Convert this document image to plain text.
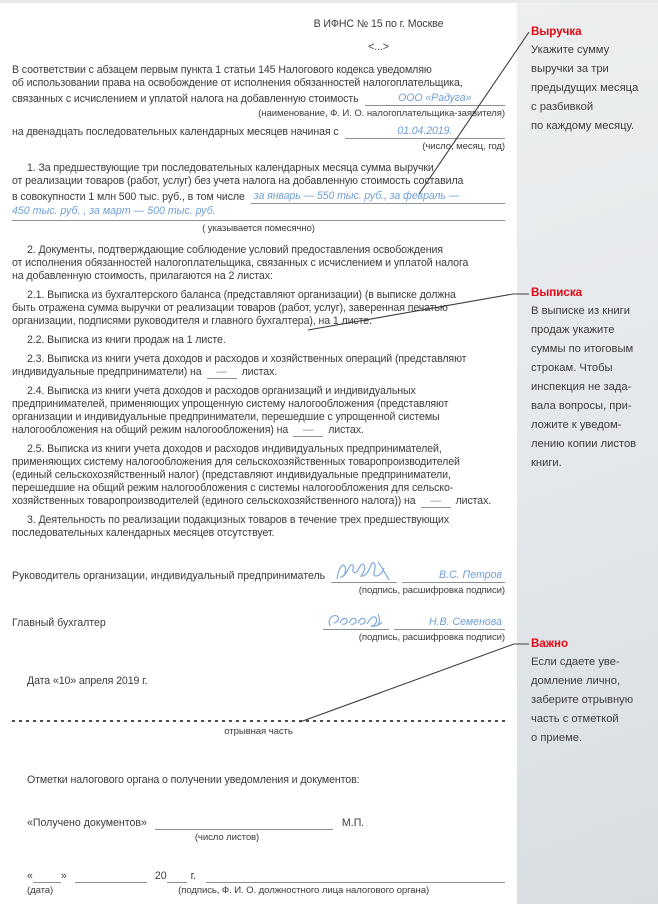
В ИФНС № 15 по г. Москве
<...>
В соответствии с абзацем первым пункта 1 статьи 145 Налогового кодекса уведомляю
об использовании права на освобождение от исполнения обязанностей налогоплательщика,
связанных с исчислением и уплатой налога на добавленную стоимость	ООО «Радуга»
(наименование, Ф. И. О. налогоплательщика-заявителя)
на двенадцать последовательных календарных месяцев начиная с	01.04.2019.
(число, месяц, год)
1. За предшествующие три последовательных календарных месяца сумма выручки
от реализации товаров (работ, услуг) без учета налога на добавленную стоимость составила
в совокупности 1 млн 500 тыс. руб., в том числе за январь — 550 тыс. руб., за февраль —
450 тыс. руб. , за март — 500 тыс. руб.
( указывается помесячно)
2. Документы, подтверждающие соблюдение условий предоставления освобождения
от исполнения обязанностей налогоплательщика, связанных с исчислением и уплатой налога
на добавленную стоимость, прилагаются на 2 листах:
2.1. Выписка из бухгалтерского баланса (представляют организации) (в выписке должна
быть отражена сумма выручки от реализации товаров (работ, услуг), заверенная печатью
организации, подписями руководителя и главного бухгалтера), на 1 листе.
2.2. Выписка из книги продаж на 1 листе.
2.3. Выписка из книги учета доходов и расходов и хозяйственных операций (представляют
индивидуальные предприниматели) на — листах.
2.4. Выписка из книги учета доходов и расходов организаций и индивидуальных
предпринимателей, применяющих упрощенную систему налогообложения (представляют
организации и индивидуальные предприниматели, перешедшие с упрощенной системы
налогообложения на общий режим налогообложения) на — листах.
2.5. Выписка из книги учета доходов и расходов индивидуальных предпринимателей,
применяющих систему налогообложения для сельскохозяйственных товаропроизводителей
(единый сельскохозяйственный налог) (представляют индивидуальные предприниматели,
перешедшие на общий режим налогообложения с системы налогообложения для сельско-
хозяйственных товаропроизводителей (единого сельскохозяйственного налога)) на — листах.
3. Деятельность по реализации подакцизных товаров в течение трех предшествующих
последовательных календарных месяцев отсутствует.
Руководитель организации, индивидуальный предприниматель	В.С. Петров
(подпись, расшифровка подписи)
Главный бухгалтер	Н.В. Семенова
(подпись, расшифровка подписи)
Дата «10» апреля 2019 г.
отрывная часть
Отметки налогового органа о получении уведомления и документов:
«Получено документов»	М.П.
(число листов)
«	»	20 г.
(дата)	(подпись, Ф. И. О. должностного лица налогового органа)
Выручка
Укажите сумму
выручки за три
предыдущих месяца
с разбивкой
по каждому месяцу.
Выписка
В выписке из книги
продаж укажите
суммы по итоговым
строкам. Чтобы
инспекция не зада-
вала вопросы, при-
ложите к уведом-
лению копии листов
книги.
Важно
Если сдаете уве-
домление лично,
заберите отрывную
часть с отметкой
о приеме.
